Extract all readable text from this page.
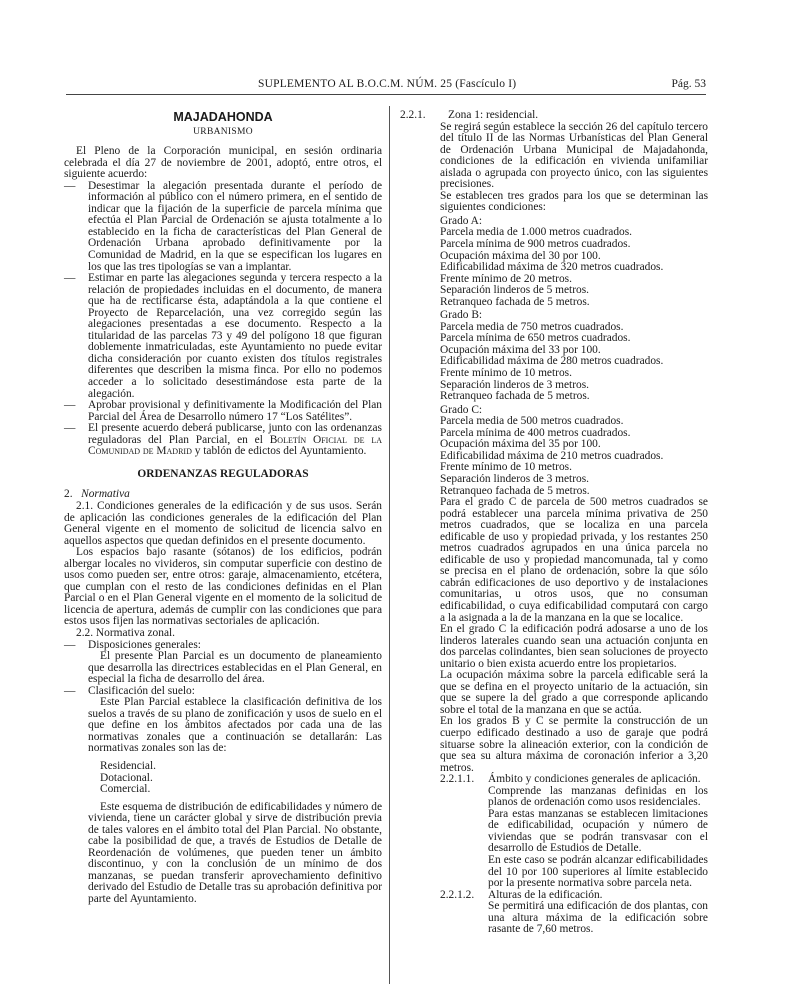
SUPLEMENTO AL B.O.C.M. NÚM. 25 (Fascículo I)	Pág. 53

MAJADAHONDA

URBANISMO

El Pleno de la Corporación municipal, en sesión ordinaria celebrada el día 27 de noviembre de 2001, adoptó, entre otros, el siguiente acuerdo:

— Desestimar la alegación presentada durante el período de información al público con el número primera, en el sentido de indicar que la fijación de la superficie de parcela mínima que efectúa el Plan Parcial de Ordenación se ajusta totalmente a lo establecido en la ficha de características del Plan General de Ordenación Urbana aprobado definitivamente por la Comunidad de Madrid, en la que se especifican los lugares en los que las tres tipologías se van a implantar.
— Estimar en parte las alegaciones segunda y tercera respecto a la relación de propiedades incluidas en el documento, de manera que ha de rectificarse ésta, adaptándola a la que contiene el Proyecto de Reparcelación, una vez corregido según las alegaciones presentadas a ese documento. Respecto a la titularidad de las parcelas 73 y 49 del polígono 18 que figuran doblemente inmatriculadas, este Ayuntamiento no puede evitar dicha consideración por cuanto existen dos títulos registrales diferentes que describen la misma finca. Por ello no podemos acceder a lo solicitado desestimándose esta parte de la alegación.
— Aprobar provisional y definitivamente la Modificación del Plan Parcial del Área de Desarrollo número 17 “Los Satélites”.
— El presente acuerdo deberá publicarse, junto con las ordenanzas reguladoras del Plan Parcial, en el Boletín Oficial de la Comunidad de Madrid y tablón de edictos del Ayuntamiento.

ORDENANZAS REGULADORAS

2. Normativa

2.1. Condiciones generales de la edificación y de sus usos. Serán de aplicación las condiciones generales de la edificación del Plan General vigente en el momento de solicitud de licencia salvo en aquellos aspectos que quedan definidos en el presente documento.

Los espacios bajo rasante (sótanos) de los edificios, podrán albergar locales no vivideros, sin computar superficie con destino de usos como pueden ser, entre otros: garaje, almacenamiento, etcétera, que cumplan con el resto de las condiciones definidas en el Plan Parcial o en el Plan General vigente en el momento de la solicitud de licencia de apertura, además de cumplir con las condiciones que para estos usos fijen las normativas sectoriales de aplicación.

2.2. Normativa zonal.

— Disposiciones generales:

El presente Plan Parcial es un documento de planeamiento que desarrolla las directrices establecidas en el Plan General, en especial la ficha de desarrollo del área.

— Clasificación del suelo:

Este Plan Parcial establece la clasificación definitiva de los suelos a través de su plano de zonificación y usos de suelo en el que define en los ámbitos afectados por cada una de las normativas zonales que a continuación se detallarán: Las normativas zonales son las de:

Residencial.

Dotacional.

Comercial.

Este esquema de distribución de edificabilidades y número de vivienda, tiene un carácter global y sirve de distribución previa de tales valores en el ámbito total del Plan Parcial. No obstante, cabe la posibilidad de que, a través de Estudios de Detalle de Reordenación de volúmenes, que pueden tener un ámbito discontinuo, y con la conclusión de un mínimo de dos manzanas, se puedan transferir aprovechamiento definitivo derivado del Estudio de Detalle tras su aprobación definitiva por parte del Ayuntamiento.

2.2.1. Zona 1: residencial.

Se regirá según establece la sección 26 del capítulo tercero del título II de las Normas Urbanísticas del Plan General de Ordenación Urbana Municipal de Majadahonda, condiciones de la edificación en vivienda unifamiliar aislada o agrupada con proyecto único, con las siguientes precisiones.

Se establecen tres grados para los que se determinan las siguientes condiciones:

Grado A:

Parcela media de 1.000 metros cuadrados.

Parcela mínima de 900 metros cuadrados.

Ocupación máxima del 30 por 100.

Edificabilidad máxima de 320 metros cuadrados.

Frente mínimo de 20 metros.

Separación linderos de 5 metros.

Retranqueo fachada de 5 metros.

Grado B:

Parcela media de 750 metros cuadrados.

Parcela mínima de 650 metros cuadrados.

Ocupación máxima del 33 por 100.

Edificabilidad máxima de 280 metros cuadrados.

Frente mínimo de 10 metros.

Separación linderos de 3 metros.

Retranqueo fachada de 5 metros.

Grado C:

Parcela media de 500 metros cuadrados.

Parcela mínima de 400 metros cuadrados.

Ocupación máxima del 35 por 100.

Edificabilidad máxima de 210 metros cuadrados.

Frente mínimo de 10 metros.

Separación linderos de 3 metros.

Retranqueo fachada de 5 metros.

Para el grado C de parcela de 500 metros cuadrados se podrá establecer una parcela mínima privativa de 250 metros cuadrados, que se localiza en una parcela edificable de uso y propiedad privada, y los restantes 250 metros cuadrados agrupados en una única parcela no edificable de uso y propiedad mancomunada, tal y como se precisa en el plano de ordenación, sobre la que sólo cabrán edificaciones de uso deportivo y de instalaciones comunitarias, u otros usos, que no consuman edificabilidad, o cuya edificabilidad computará con cargo a la asignada a la de la manzana en la que se localice.

En el grado C la edificación podrá adosarse a uno de los linderos laterales cuando sean una actuación conjunta en dos parcelas colindantes, bien sean soluciones de proyecto unitario o bien exista acuerdo entre los propietarios.

La ocupación máxima sobre la parcela edificable será la que se defina en el proyecto unitario de la actuación, sin que se supere la del grado a que corresponde aplicando sobre el total de la manzana en que se actúa.

En los grados B y C se permite la construcción de un cuerpo edificado destinado a uso de garaje que podrá situarse sobre la alineación exterior, con la condición de que sea su altura máxima de coronación inferior a 3,20 metros.

2.2.1.1. Ámbito y condiciones generales de aplicación.

Comprende las manzanas definidas en los planos de ordenación como usos residenciales.

Para estas manzanas se establecen limitaciones de edificabilidad, ocupación y número de viviendas que se podrán transvasar con el desarrollo de Estudios de Detalle.

En este caso se podrán alcanzar edificabilidades del 10 por 100 superiores al límite establecido por la presente normativa sobre parcela neta.

2.2.1.2. Alturas de la edificación.

Se permitirá una edificación de dos plantas, con una altura máxima de la edificación sobre rasante de 7,60 metros.
